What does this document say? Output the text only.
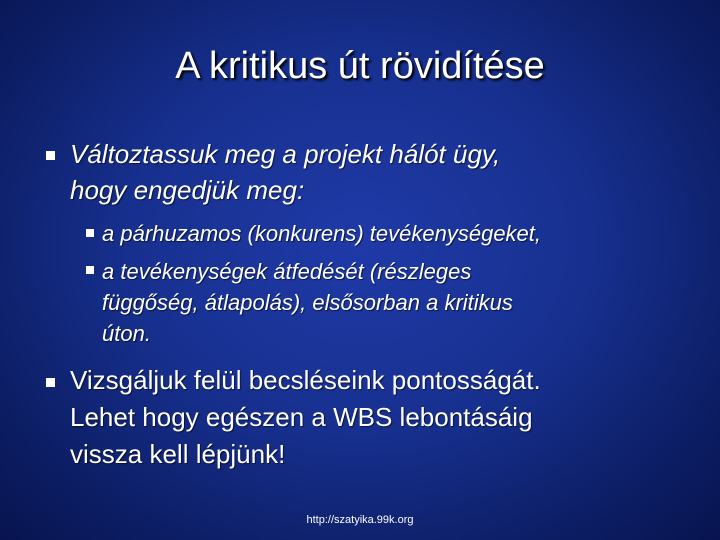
A kritikus út rövidítése
Változtassuk meg a projekt hálót ügy,
hogy engedjük meg:
a párhuzamos (konkurens) tevékenységeket,
a tevékenységek átfedését (részleges
függőség, átlapolás), elsősorban a kritikus
úton.
Vizsgáljuk felül becsléseink pontosságát.
Lehet hogy egészen a WBS lebontásáig
vissza kell lépjünk!
http://szatyika.99k.org
